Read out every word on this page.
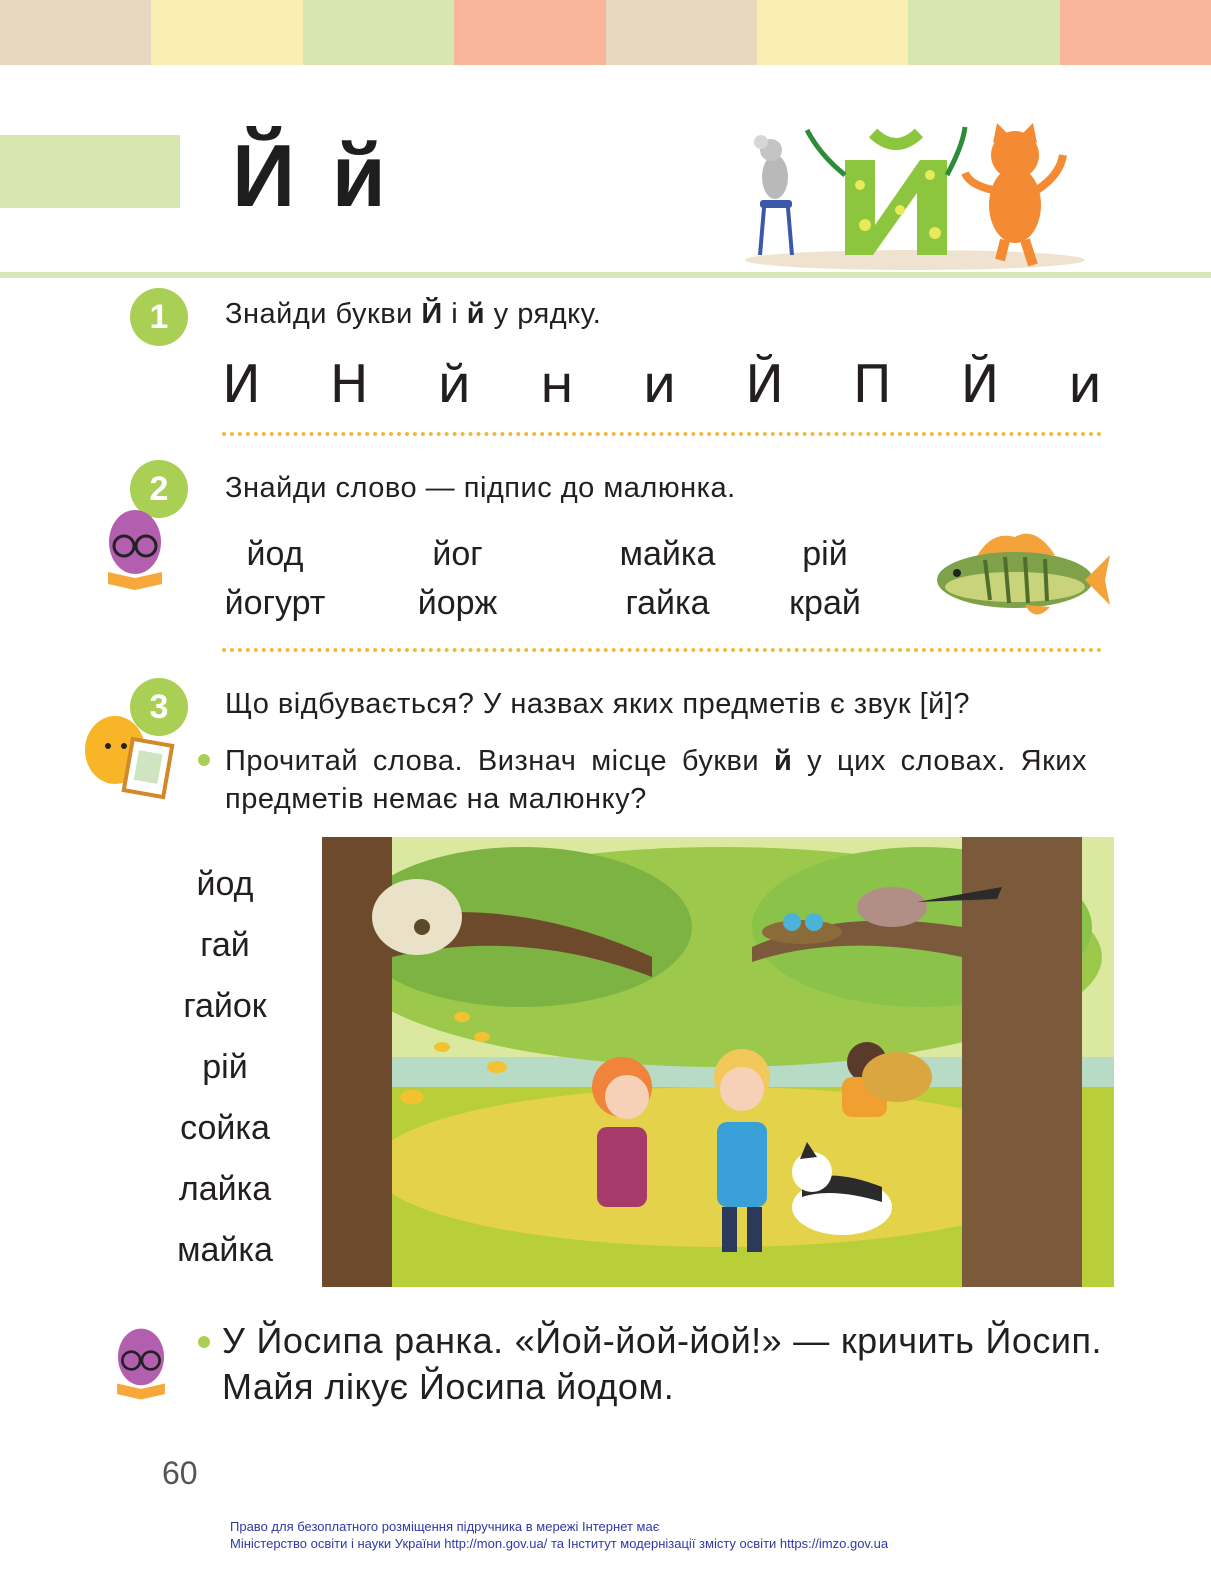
Й й
1	Знайди букви Й і й у рядку.
И Н й н и Й П Й и
2	Знайди слово — підпис до малюнка.
йод	йог	майка	рій
йогурт	йорж	гайка	край
3	Що відбувається? У назвах яких предметів є звук [й]?
Прочитай слова. Визнач місце букви й у цих словах. Яких предметів немає на малюнку?
йод
гай
гайок
рій
сойка
лайка
майка
У Йосипа ранка. «Йой-йой-йой!» — кричить Йосип. Майя лікує Йосипа йодом.
60
Право для безоплатного розміщення підручника в мережі Інтернет має
Міністерство освіти і науки України http://mon.gov.ua/ та Інститут модернізації змісту освіти https://imzo.gov.ua
